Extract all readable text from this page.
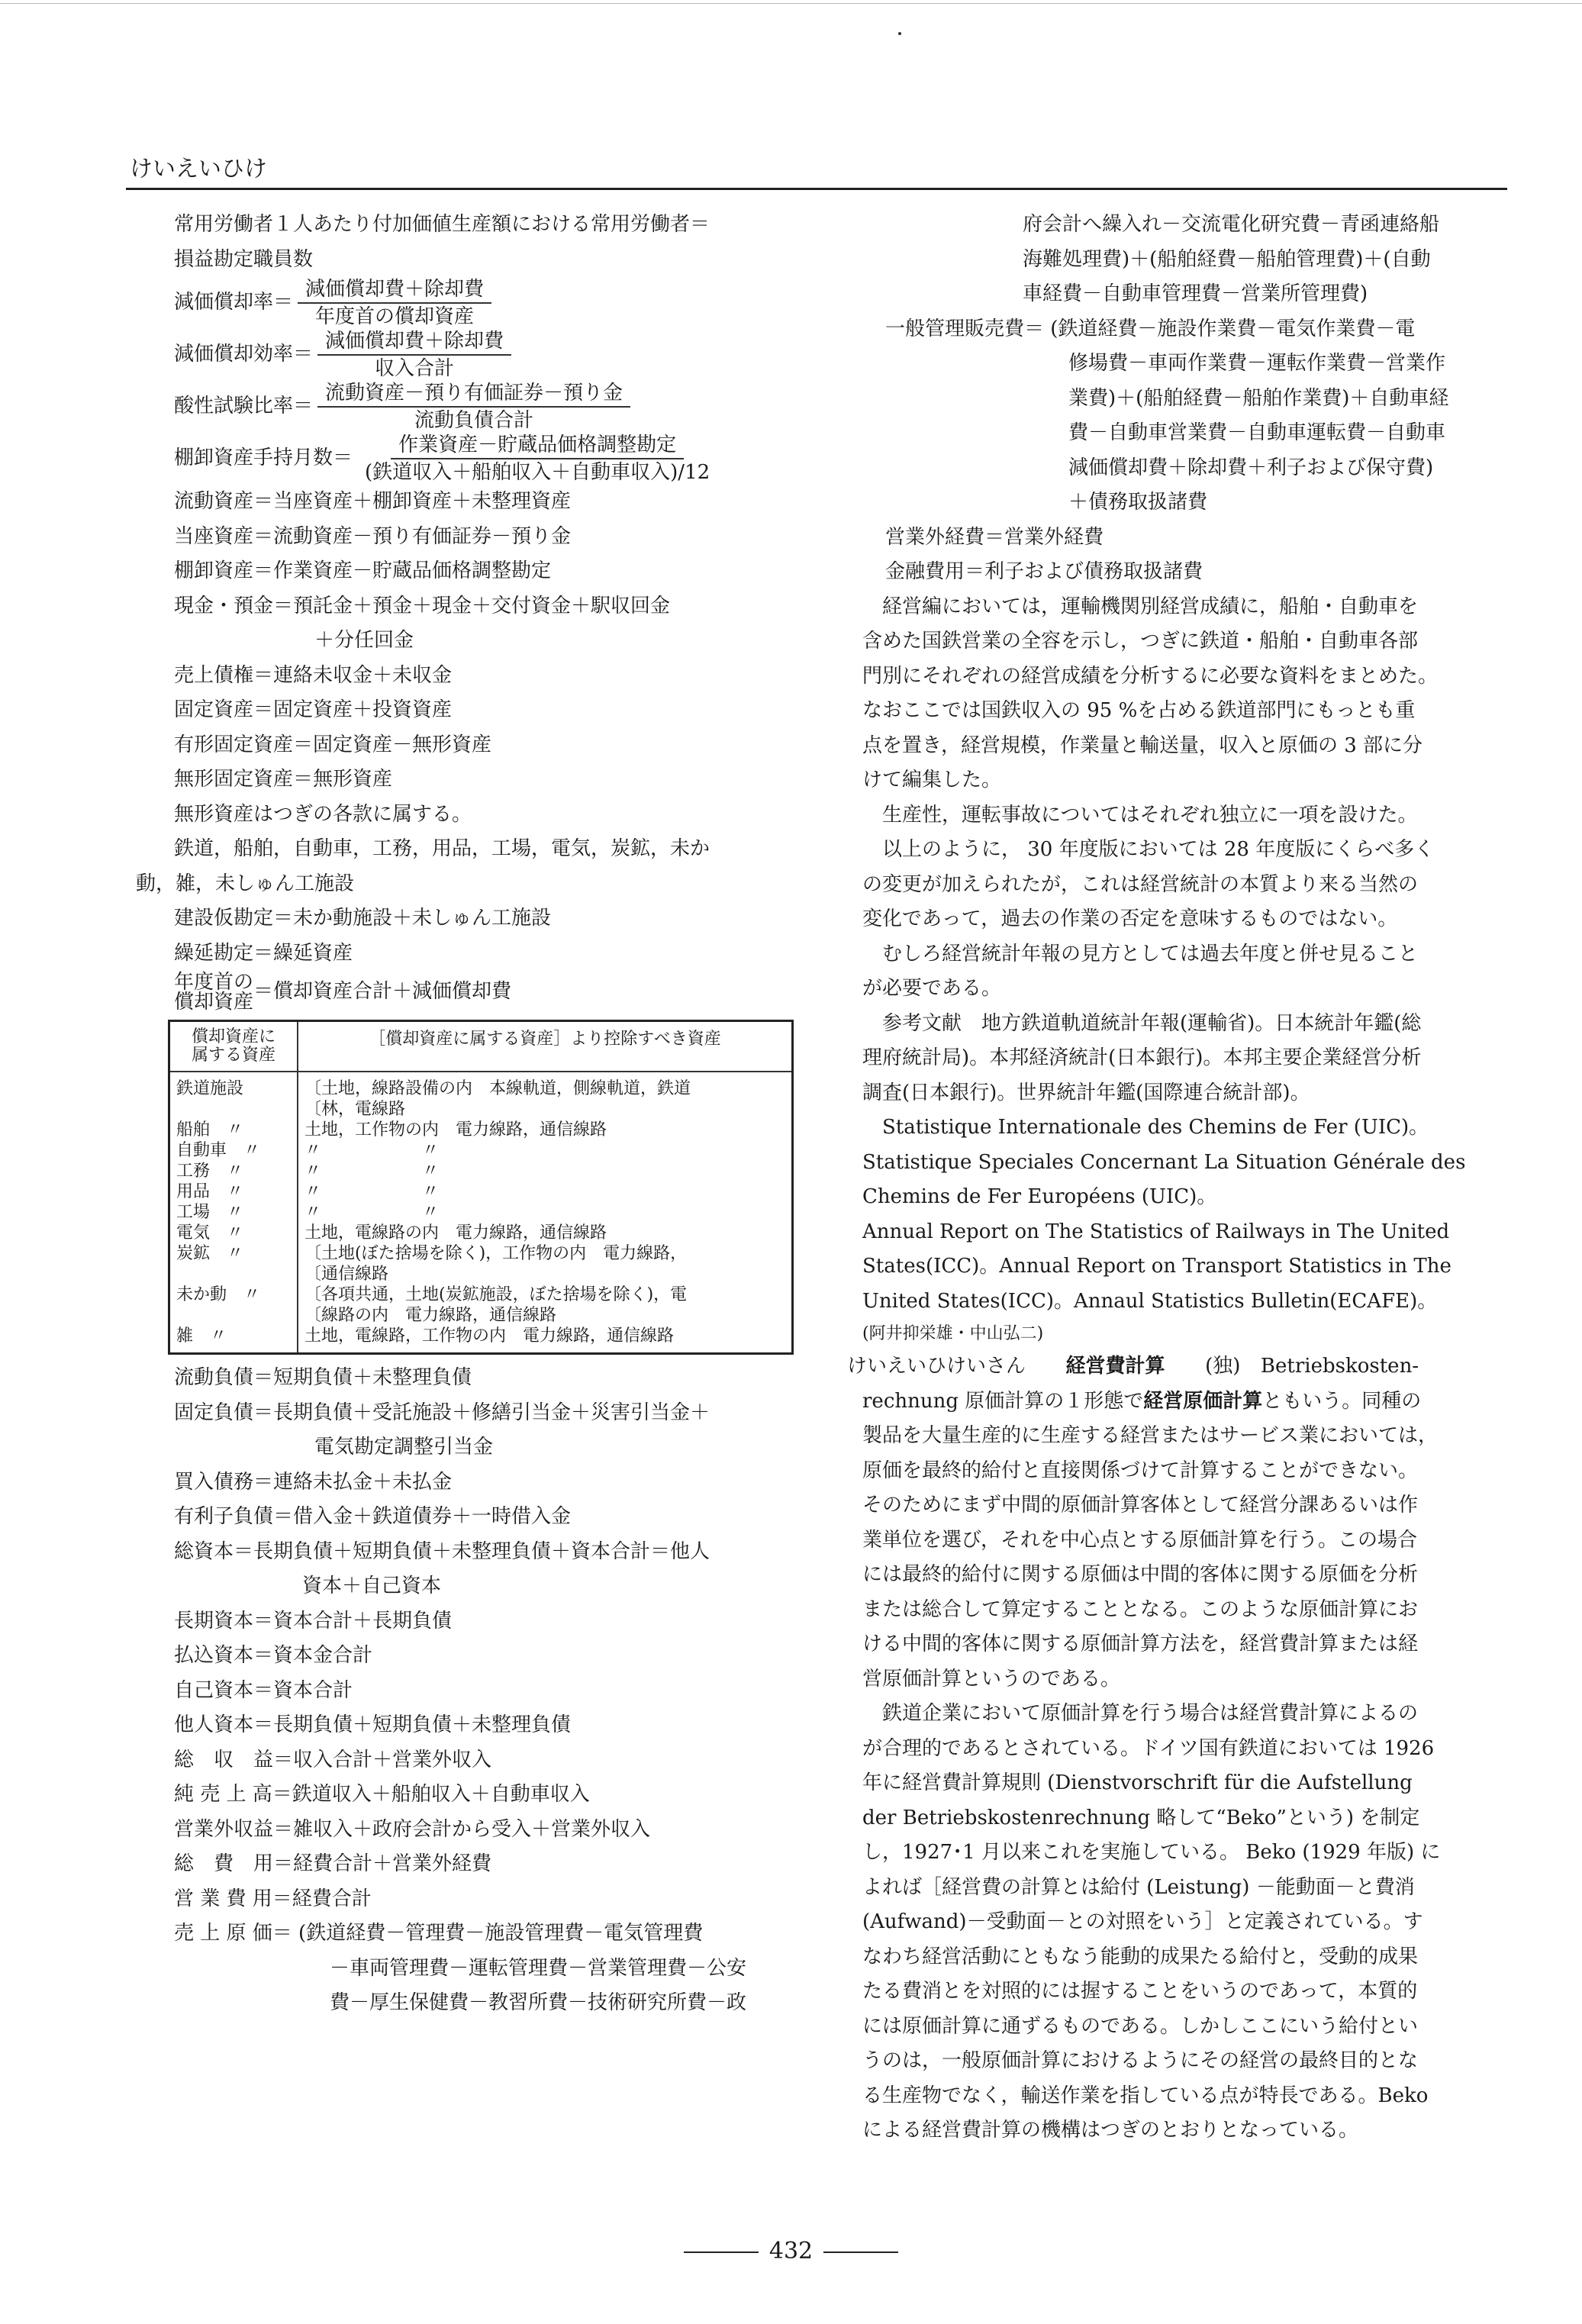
けいえいひけ
常用労働者１人あたり付加価値生産額における常用労働者＝
損益勘定職員数
減価償却率＝ $\frac{\text{減価償却費＋除却費}}{\text{年度首の償却資産}}$
減価償却効率＝ $\frac{\text{減価償却費＋除却費}}{\text{収入合計}}$
酸性試験比率＝ $\frac{\text{流動資産－預り有価証券－預り金}}{\text{流動負債合計}}$
棚卸資産手持月数＝ $\frac{\text{作業資産－貯蔵品価格調整勘定}}{\text{(鉄道収入＋船舶収入＋自動車収入)/12}}$
流動資産＝当座資産＋棚卸資産＋未整理資産
当座資産＝流動資産－預り有価証券－預り金
棚卸資産＝作業資産－貯蔵品価格調整勘定
現金・預金＝預託金＋預金＋現金＋交付資金＋駅収回金
＋分任回金
売上債権＝連絡未収金＋未収金
固定資産＝固定資産＋投資資産
有形固定資産＝固定資産－無形資産
無形固定資産＝無形資産
無形資産はつぎの各款に属する。
鉄道，船舶，自動車，工務，用品，工場，電気，炭鉱，未か
動，雑，未しゅん工施設
建設仮勘定＝未か動施設＋未しゅん工施設
繰延勘定＝繰延資産
年度首の
償却資産 ＝償却資産合計＋減価償却費
償却資産に
属する資産	［償却資産に属する資産］より控除すべき資産
鉄道施設	〔土地，線路設備の内　本線軌道，側線軌道，鉄道
〔林，電線路

船舶　〃	土地，工作物の内　電力線路，通信線路

自動車　〃	〃　　　　　　〃

工務　〃	〃　　　　　　〃

用品　〃	〃　　　　　　〃

工場　〃	〃　　　　　　〃

電気　〃	土地，電線路の内　電力線路，通信線路

炭鉱　〃	〔土地(ぼた捨場を除く)，工作物の内　電力線路，
〔通信線路

未か動　〃	〔各項共通，土地(炭鉱施設，ぼた捨場を除く)，電
〔線路の内　電力線路，通信線路

雑　〃	土地，電線路，工作物の内　電力線路，通信線路
流動負債＝短期負債＋未整理負債
固定負債＝長期負債＋受託施設＋修繕引当金＋災害引当金＋
電気勘定調整引当金
買入債務＝連絡未払金＋未払金
有利子負債＝借入金＋鉄道債券＋一時借入金
総資本＝長期負債＋短期負債＋未整理負債＋資本合計＝他人
資本＋自己資本
長期資本＝資本合計＋長期負債
払込資本＝資本金合計
自己資本＝資本合計
他人資本＝長期負債＋短期負債＋未整理負債
総　収　益＝収入合計＋営業外収入
純 売 上 高＝鉄道収入＋船舶収入＋自動車収入
営業外収益＝雑収入＋政府会計から受入＋営業外収入
総　費　用＝経費合計＋営業外経費
営 業 費 用＝経費合計
売 上 原 価＝ (鉄道経費－管理費－施設管理費－電気管理費
－車両管理費－運転管理費－営業管理費－公安
費－厚生保健費－教習所費－技術研究所費－政
府会計へ繰入れ－交流電化研究費－青函連絡船
海難処理費)＋(船舶経費－船舶管理費)＋(自動
車経費－自動車管理費－営業所管理費)
一般管理販売費＝ (鉄道経費－施設作業費－電気作業費－電
修場費－車両作業費－運転作業費－営業作
業費)＋(船舶経費－船舶作業費)＋自動車経
費－自動車営業費－自動車運転費－自動車
減価償却費＋除却費＋利子および保守費)
＋債務取扱諸費
営業外経費＝営業外経費
金融費用＝利子および債務取扱諸費
経営編においては，運輸機関別経営成績に，船舶・自動車を
含めた国鉄営業の全容を示し，つぎに鉄道・船舶・自動車各部
門別にそれぞれの経営成績を分析するに必要な資料をまとめた。
なおここでは国鉄収入の 95 %を占める鉄道部門にもっとも重
点を置き，経営規模，作業量と輸送量，収入と原価の 3 部に分
けて編集した。
生産性，運転事故についてはそれぞれ独立に一項を設けた。
以上のように， 30 年度版においては 28 年度版にくらべ多く
の変更が加えられたが，これは経営統計の本質より来る当然の
変化であって，過去の作業の否定を意味するものではない。
むしろ経営統計年報の見方としては過去年度と併せ見ること
が必要である。
参考文献　地方鉄道軌道統計年報(運輸省)。日本統計年鑑(総
理府統計局)。本邦経済統計(日本銀行)。本邦主要企業経営分析
調査(日本銀行)。世界統計年鑑(国際連合統計部)。
Statistique Internationale des Chemins de Fer (UIC)。
Statistique Speciales Concernant La Situation Générale des
Chemins de Fer Européens (UIC)。
Annual Report on The Statistics of Railways in The United
States(ICC)。Annual Report on Transport Statistics in The
United States(ICC)。Annaul Statistics Bulletin(ECAFE)。
(阿井抑栄雄・中山弘二)
けいえいひけいさん 経営費計算 (独) Betriebskosten-
rechnung 原価計算の１形態で経営原価計算ともいう。同種の
製品を大量生産的に生産する経営またはサービス業においては，
原価を最終的給付と直接関係づけて計算することができない。
そのためにまず中間的原価計算客体として経営分課あるいは作
業単位を選び，それを中心点とする原価計算を行う。この場合
には最終的給付に関する原価は中間的客体に関する原価を分析
または総合して算定することとなる。このような原価計算にお
ける中間的客体に関する原価計算方法を，経営費計算または経
営原価計算というのである。
鉄道企業において原価計算を行う場合は経営費計算によるの
が合理的であるとされている。ドイツ国有鉄道においては 1926
年に経営費計算規則 (Dienstvorschrift für die Aufstellung
der Betriebskostenrechnung 略して“Beko”という) を制定
し，1927･1 月以来これを実施している。 Beko (1929 年版) に
よれば［経営費の計算とは給付 (Leistung) －能動面－と費消
(Aufwand)－受動面－との対照をいう］と定義されている。す
なわち経営活動にともなう能動的成果たる給付と，受動的成果
たる費消とを対照的には握することをいうのであって，本質的
には原価計算に通ずるものである。しかしここにいう給付とい
うのは，一般原価計算におけるようにその経営の最終目的とな
る生産物でなく，輸送作業を指している点が特長である。Beko
による経営費計算の機構はつぎのとおりとなっている。
432
